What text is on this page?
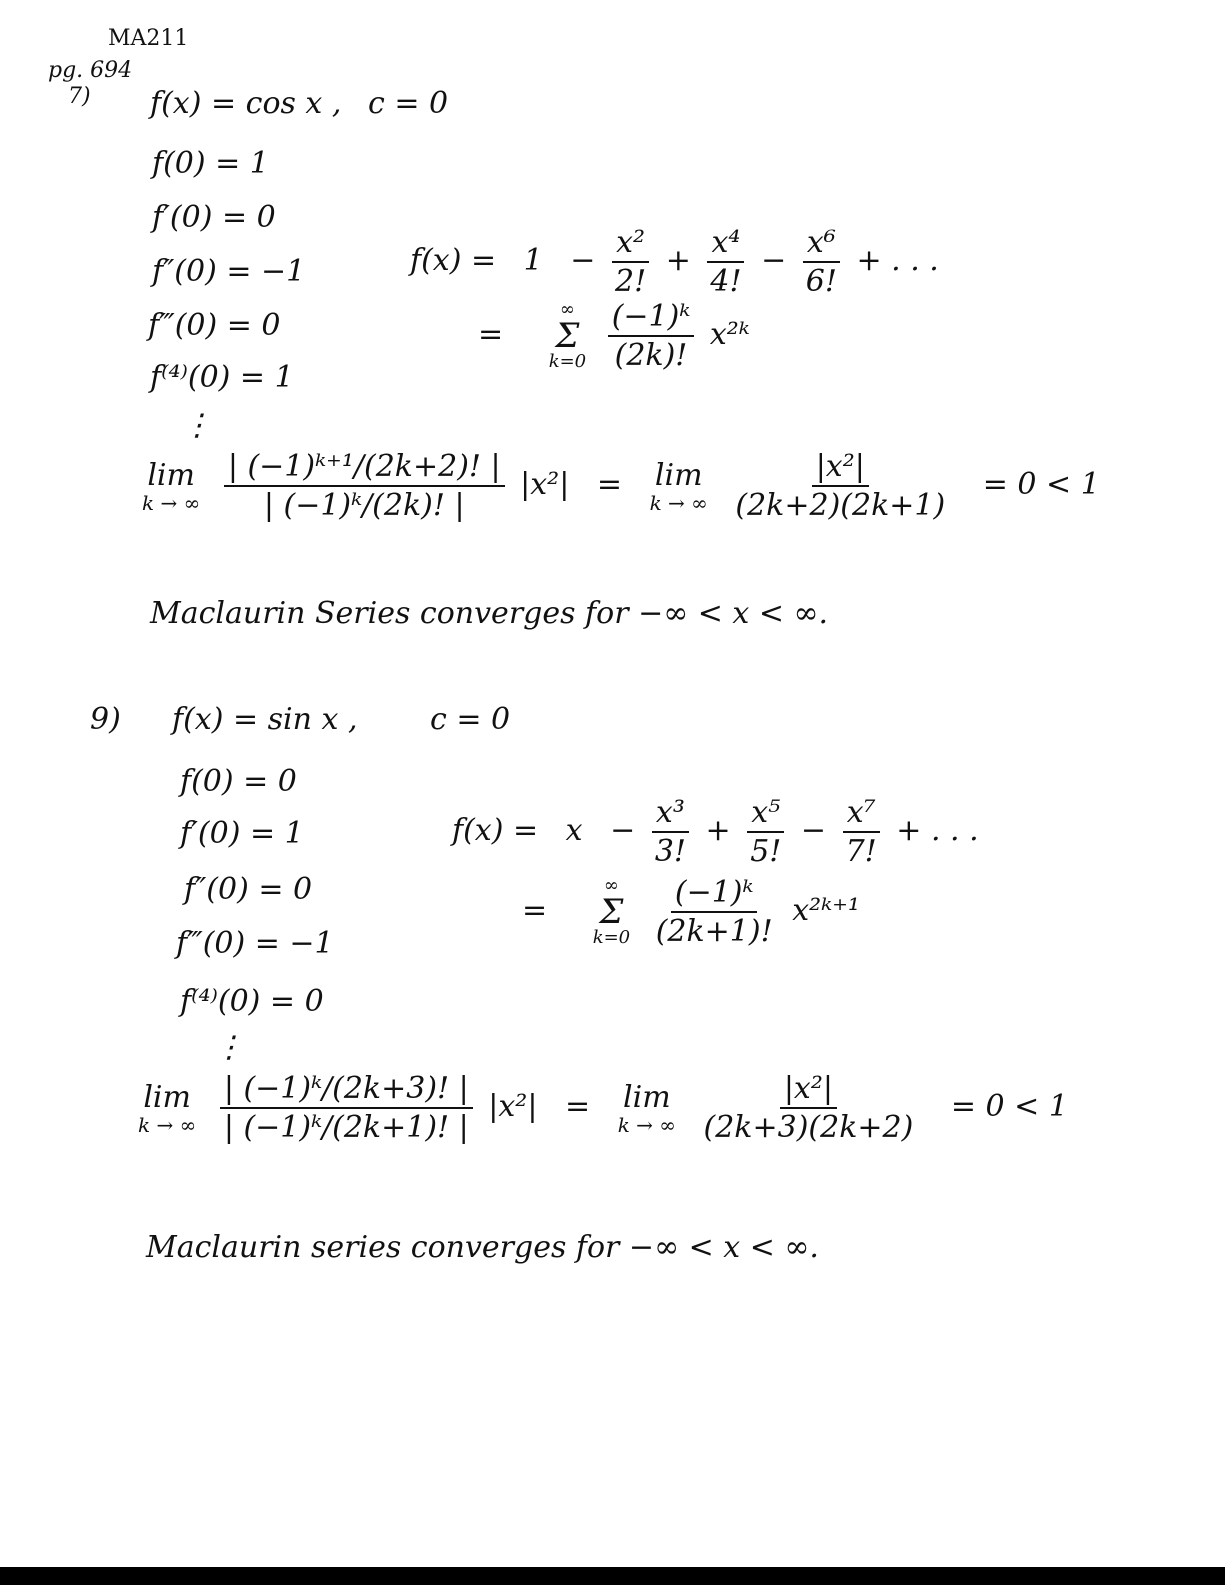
MA211
pg. 694
7) f(x) = cos x , c = 0
f(0) = 1
f′(0) = 0
f″(0) = −1
f‴(0) = 0
f⁽⁴⁾(0) = 1
⋮
$f(x) = 1 - \frac{\text{x²}}{2!} + \frac{\text{x⁴}}{4!} - \frac{\text{x⁶}}{6!}$ + . . .
=
∞
Σ
k=0
$\frac{\text{(−1)ᵏ}}{(2k)!}$ x²ᵏ
lim
k → ∞
$\frac{\text{| (−1)ᵏ⁺¹/(2k+2)! |}}{\text{| (−1)ᵏ/(2k)! |}} |x^2| = \lim$
k → ∞
$\frac{\text{|x²|}}{(2k+2)(2k+1)} = 0 < 1$
Maclaurin Series converges for −∞ < x < ∞.
9) f(x) = sin x , c = 0
f(0) = 0
f′(0) = 1
f″(0) = 0
f‴(0) = −1
f⁽⁴⁾(0) = 0
⋮
$f(x) = x - \frac{\text{x³}}{3!} + \frac{\text{x⁵}}{5!} - \frac{\text{x⁷}}{7!}$ + . . .
=
∞
Σ
k=0
$\frac{\text{(−1)ᵏ}}{(2k+1)!}$ x²ᵏ⁺¹
lim
k → ∞
$\frac{\text{| (−1)ᵏ/(2k+3)! |}}{\text{| (−1)ᵏ/(2k+1)! |}} |x^2| = \lim$
k → ∞
$\frac{\text{|x²|}}{(2k+3)(2k+2)} = 0 < 1$
Maclaurin series converges for −∞ < x < ∞.
